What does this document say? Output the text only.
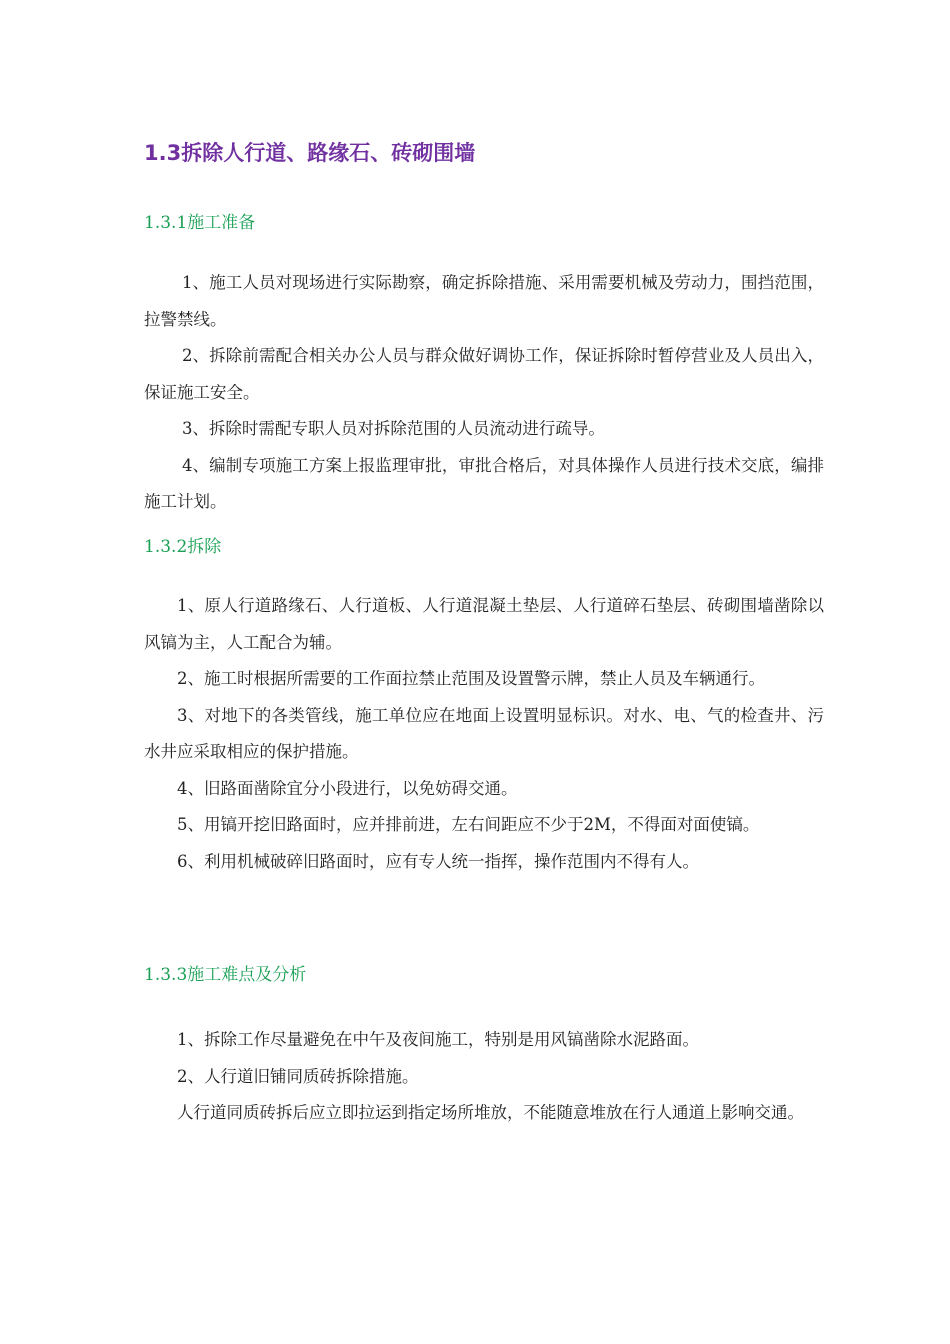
1.3拆除人行道、路缘石、砖砌围墙
1.3.1施工准备
1、施工人员对现场进行实际勘察，确定拆除措施、采用需要机械及劳动力，围挡范围，拉警禁线。
2、拆除前需配合相关办公人员与群众做好调协工作，保证拆除时暂停营业及人员出入，保证施工安全。
3、拆除时需配专职人员对拆除范围的人员流动进行疏导。
4、编制专项施工方案上报监理审批，审批合格后，对具体操作人员进行技术交底，编排施工计划。
1.3.2拆除
1、原人行道路缘石、人行道板、人行道混凝土垫层、人行道碎石垫层、砖砌围墙凿除以风镐为主，人工配合为辅。
2、施工时根据所需要的工作面拉禁止范围及设置警示牌，禁止人员及车辆通行。
3、对地下的各类管线，施工单位应在地面上设置明显标识。对水、电、气的检查井、污水井应采取相应的保护措施。
4、旧路面凿除宜分小段进行，以免妨碍交通。
5、用镐开挖旧路面时，应并排前进，左右间距应不少于2M，不得面对面使镐。
6、利用机械破碎旧路面时，应有专人统一指挥，操作范围内不得有人。
1.3.3施工难点及分析
1、拆除工作尽量避免在中午及夜间施工，特别是用风镐凿除水泥路面。
2、人行道旧铺同质砖拆除措施。
人行道同质砖拆后应立即拉运到指定场所堆放，不能随意堆放在行人通道上影响交通。
